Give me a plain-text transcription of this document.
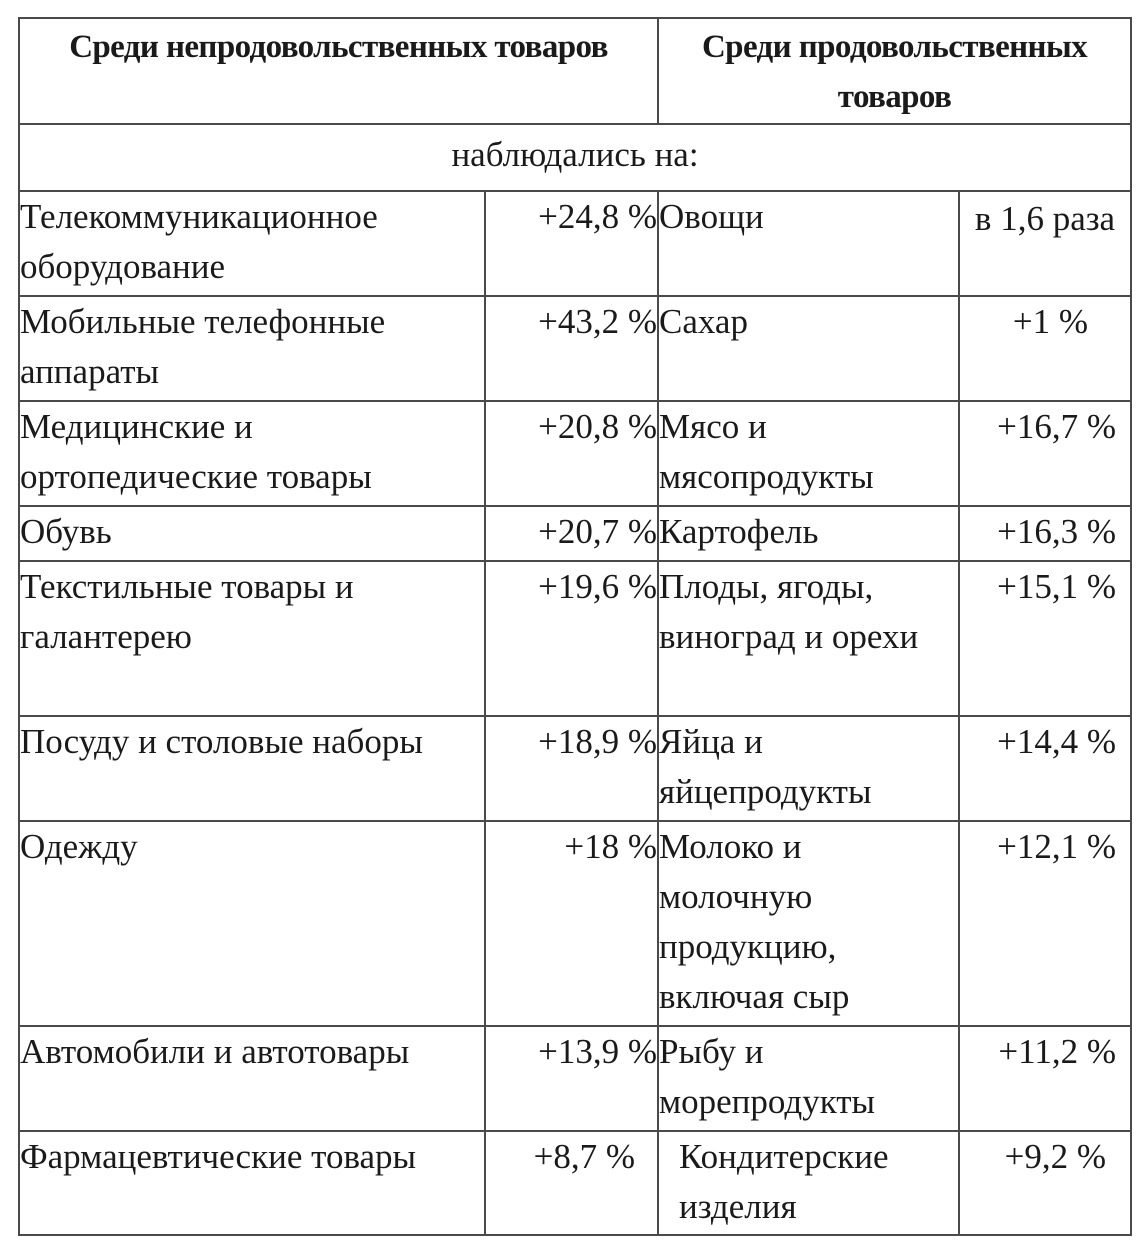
Среди непродовольственных товаров		Среди продовольственных товаров	
наблюдались на:			
Телекоммуникационное оборудование	+24,8 %	Овощи	в 1,6 раза
Мобильные телефонные аппараты	+43,2 %	Сахар	+1 %
Медицинские и ортопедические товары	+20,8 %	Мясо и мясопродукты	+16,7 %
Обувь	+20,7 %	Картофель	+16,3 %
Текстильные товары и галантерею	+19,6 %	Плоды, ягоды, виноград и орехи	+15,1 %
Посуду и столовые наборы	+18,9 %	Яйца и яйцепродукты	+14,4 %
Одежду	+18 %	Молоко и молочную продукцию, включая сыр	+12,1 %
Автомобили и автотовары	+13,9 %	Рыбу и морепродукты	+11,2 %
Фармацевтические товары	+8,7 %	Кондитерские изделия	+9,2 %
